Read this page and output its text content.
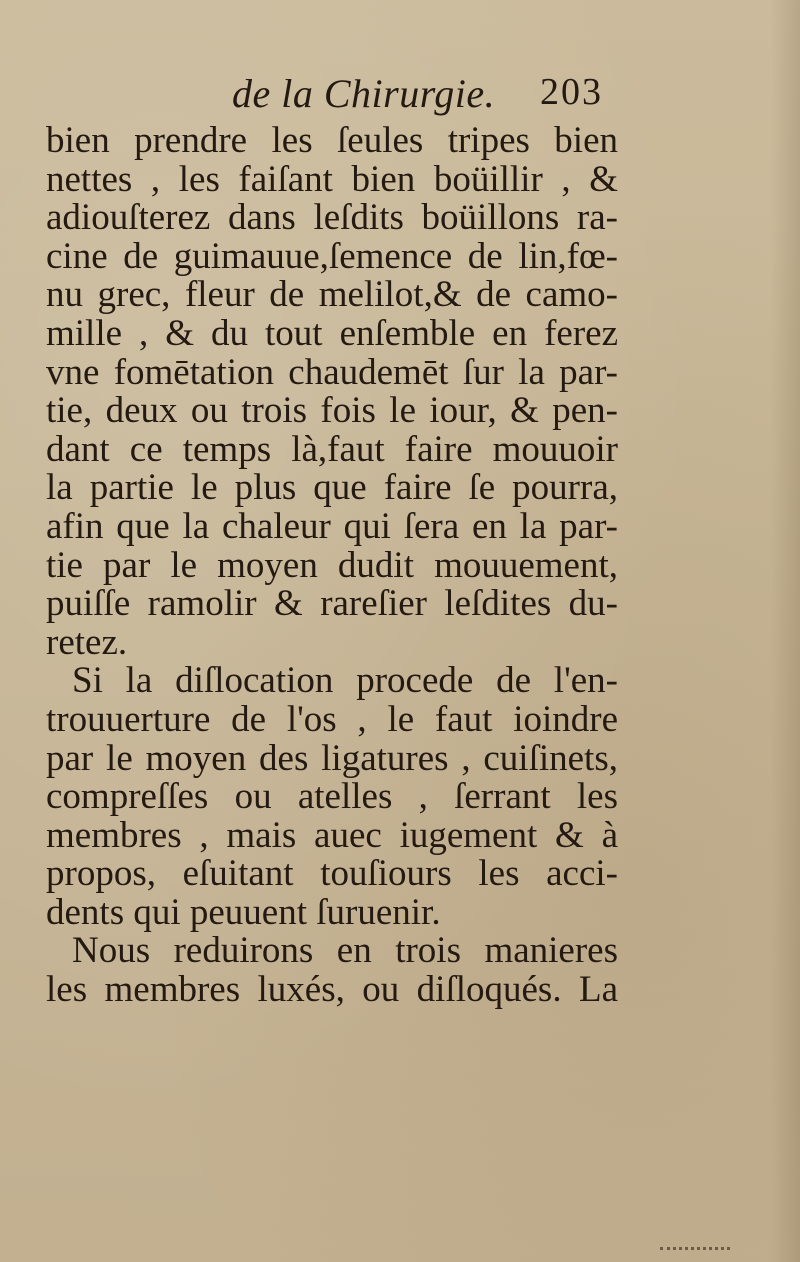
de la Chirurgie. 203
bien prendre les ſeules tripes bien
nettes , les faiſant bien boüillir , &
adiouſterez dans leſdits boüillons ra-
cine de guimauue,ſemence de lin,fœ-
nu grec, fleur de melilot,& de camo-
mille , & du tout enſemble en ferez
vne fomētation chaudemēt ſur la par-
tie, deux ou trois fois le iour, & pen-
dant ce temps là,faut faire mouuoir
la partie le plus que faire ſe pourra,
afin que la chaleur qui ſera en la par-
tie par le moyen dudit mouuement,
puiſſe ramolir & rareſier leſdites du-
retez.
Si la diſlocation procede de l'en-
trouuerture de l'os , le faut ioindre
par le moyen des ligatures , cuiſinets,
compreſſes ou atelles , ſerrant les
membres , mais auec iugement & à
propos, eſuitant touſiours les acci-
dents qui peuuent ſuruenir.
Nous reduirons en trois manieres
les membres luxés, ou diſloqués. La
